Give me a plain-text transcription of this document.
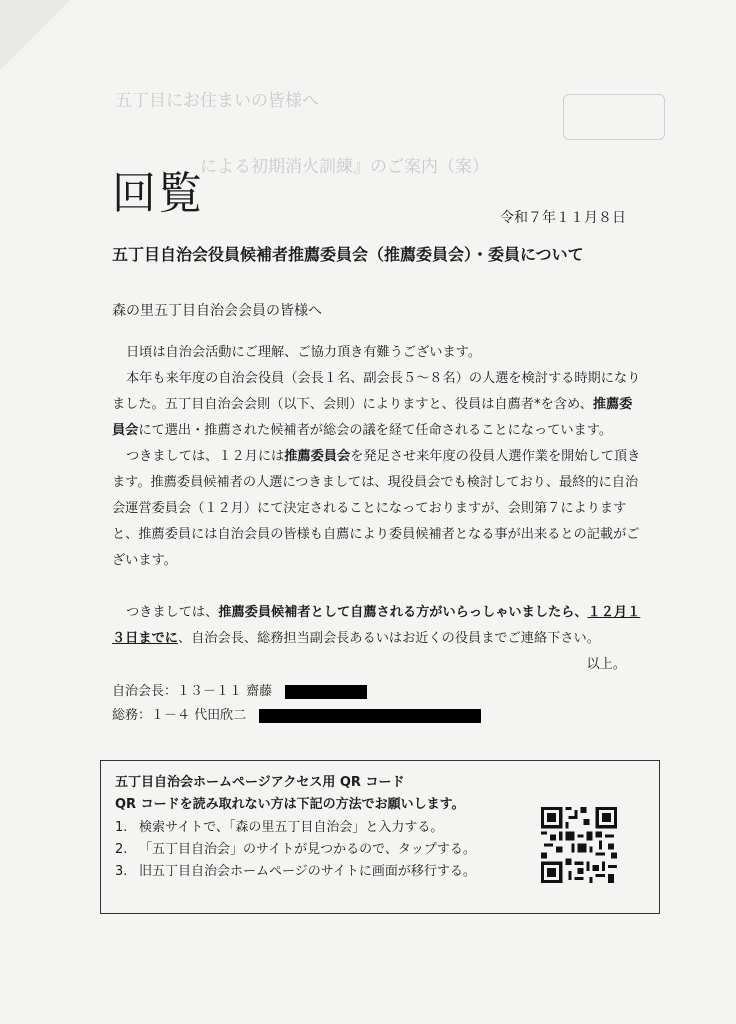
五丁目にお住まいの皆様へ
による初期消火訓練』のご案内（案）
回覧	令和７年１１月８日
五丁目自治会役員候補者推薦委員会（推薦委員会）・委員について
森の里五丁目自治会会員の皆様へ

日頃は自治会活動にご理解、ご協力頂き有難うございます。

本年も来年度の自治会役員（会長１名、副会長５～８名）の人選を検討する時期になりました。五丁目自治会会則（以下、会則）によりますと、役員は自薦者*を含め、推薦委員会にて選出・推薦された候補者が総会の議を経て任命されることになっています。

つきましては、１２月には推薦委員会を発足させ来年度の役員人選作業を開始して頂きます。推薦委員候補者の人選につきましては、現役員会でも検討しており、最終的に自治会運営委員会（１２月）にて決定されることになっておりますが、会則第７によりますと、推薦委員には自治会員の皆様も自薦により委員候補者となる事が出来るとの記載がございます。

つきましては、推薦委員候補者として自薦される方がいらっしゃいましたら、１２月１３日までに、自治会長、総務担当副会長あるいはお近くの役員までご連絡下さい。

以上。

自治会長：１３－１１ 齋藤　
総務：１－４ 代田欣二　
五丁目自治会ホームページアクセス用 QR コード
QR コードを読み取れない方は下記の方法でお願いします。
1. 検索サイトで、「森の里五丁目自治会」と入力する。
2. 「五丁目自治会」のサイトが見つかるので、タップする。
3. 旧五丁目自治会ホームページのサイトに画面が移行する。
